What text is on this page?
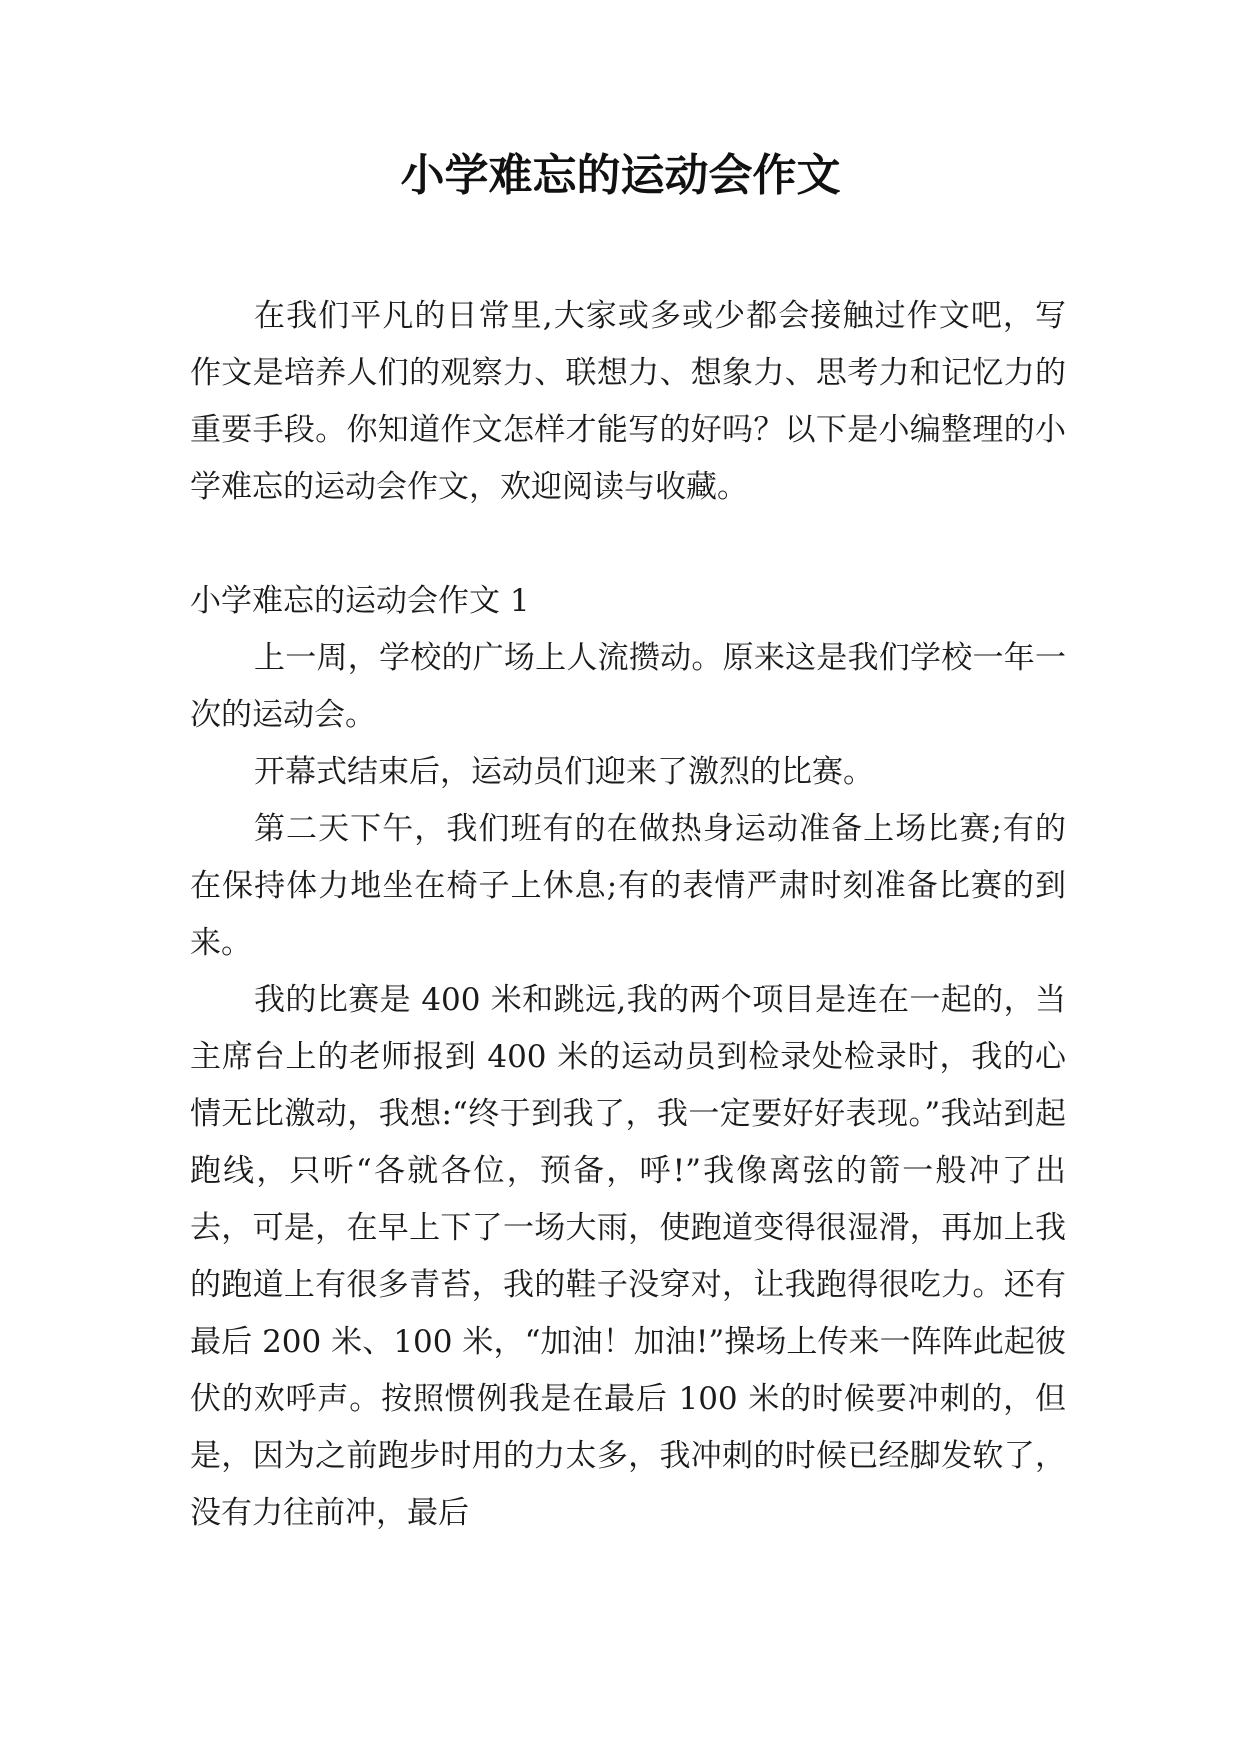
小学难忘的运动会作文

在我们平凡的日常里,大家或多或少都会接触过作文吧，写作文是培养人们的观察力、联想力、想象力、思考力和记忆力的重要手段。你知道作文怎样才能写的好吗？以下是小编整理的小学难忘的运动会作文，欢迎阅读与收藏。

小学难忘的运动会作文 1

上一周，学校的广场上人流攒动。原来这是我们学校一年一次的运动会。

开幕式结束后，运动员们迎来了激烈的比赛。

第二天下午，我们班有的在做热身运动准备上场比赛;有的在保持体力地坐在椅子上休息;有的表情严肃时刻准备比赛的到来。

我的比赛是 400 米和跳远,我的两个项目是连在一起的，当主席台上的老师报到 400 米的运动员到检录处检录时，我的心情无比激动，我想:“终于到我了，我一定要好好表现。”我站到起跑线，只听“各就各位，预备，呼!”我像离弦的箭一般冲了出去，可是，在早上下了一场大雨，使跑道变得很湿滑，再加上我的跑道上有很多青苔，我的鞋子没穿对，让我跑得很吃力。还有最后 200 米、100 米，“加油！加油!”操场上传来一阵阵此起彼伏的欢呼声。按照惯例我是在最后 100 米的时候要冲刺的，但是，因为之前跑步时用的力太多，我冲刺的时候已经脚发软了，没有力往前冲，最后
